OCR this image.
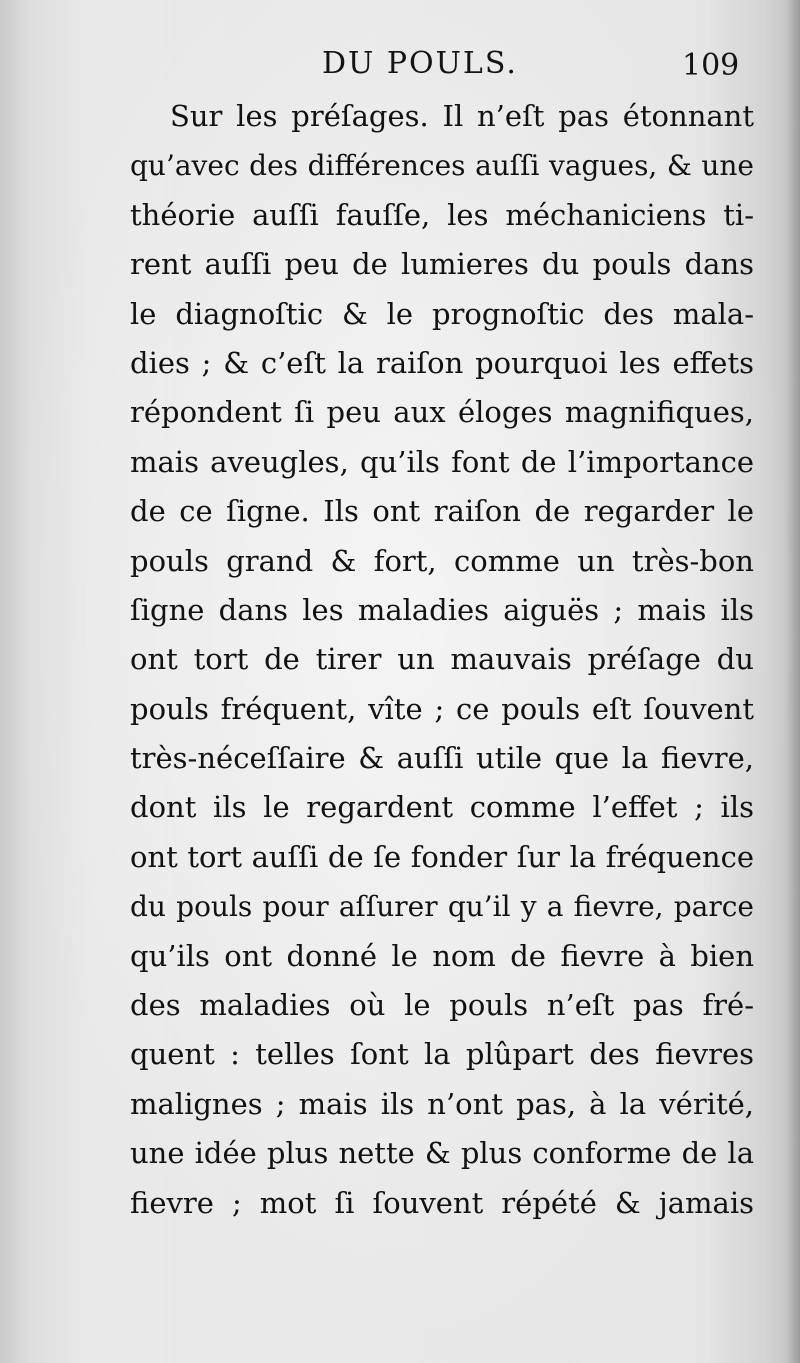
DU POULS.	109
Sur les préſages. Il n’eſt pas étonnant
qu’avec des différences auſſi vagues, & une
théorie auſſi fauſſe, les méchaniciens ti-
rent auſſi peu de lumieres du pouls dans
le diagnoſtic & le prognoſtic des mala-
dies ; & c’eſt la raiſon pourquoi les effets
répondent ſi peu aux éloges magnifiques,
mais aveugles, qu’ils font de l’importance
de ce ſigne. Ils ont raiſon de regarder le
pouls grand & fort, comme un très-bon
ſigne dans les maladies aiguës ; mais ils
ont tort de tirer un mauvais préſage du
pouls fréquent, vîte ; ce pouls eſt ſouvent
très-néceſſaire & auſſi utile que la fievre,
dont ils le regardent comme l’effet ; ils
ont tort auſſi de ſe fonder ſur la fréquence
du pouls pour aſſurer qu’il y a fievre, parce
qu’ils ont donné le nom de fievre à bien
des maladies où le pouls n’eſt pas fré-
quent : telles ſont la plûpart des fievres
malignes ; mais ils n’ont pas, à la vérité,
une idée plus nette & plus conforme de la
fievre ; mot ſi ſouvent répété & jamais
